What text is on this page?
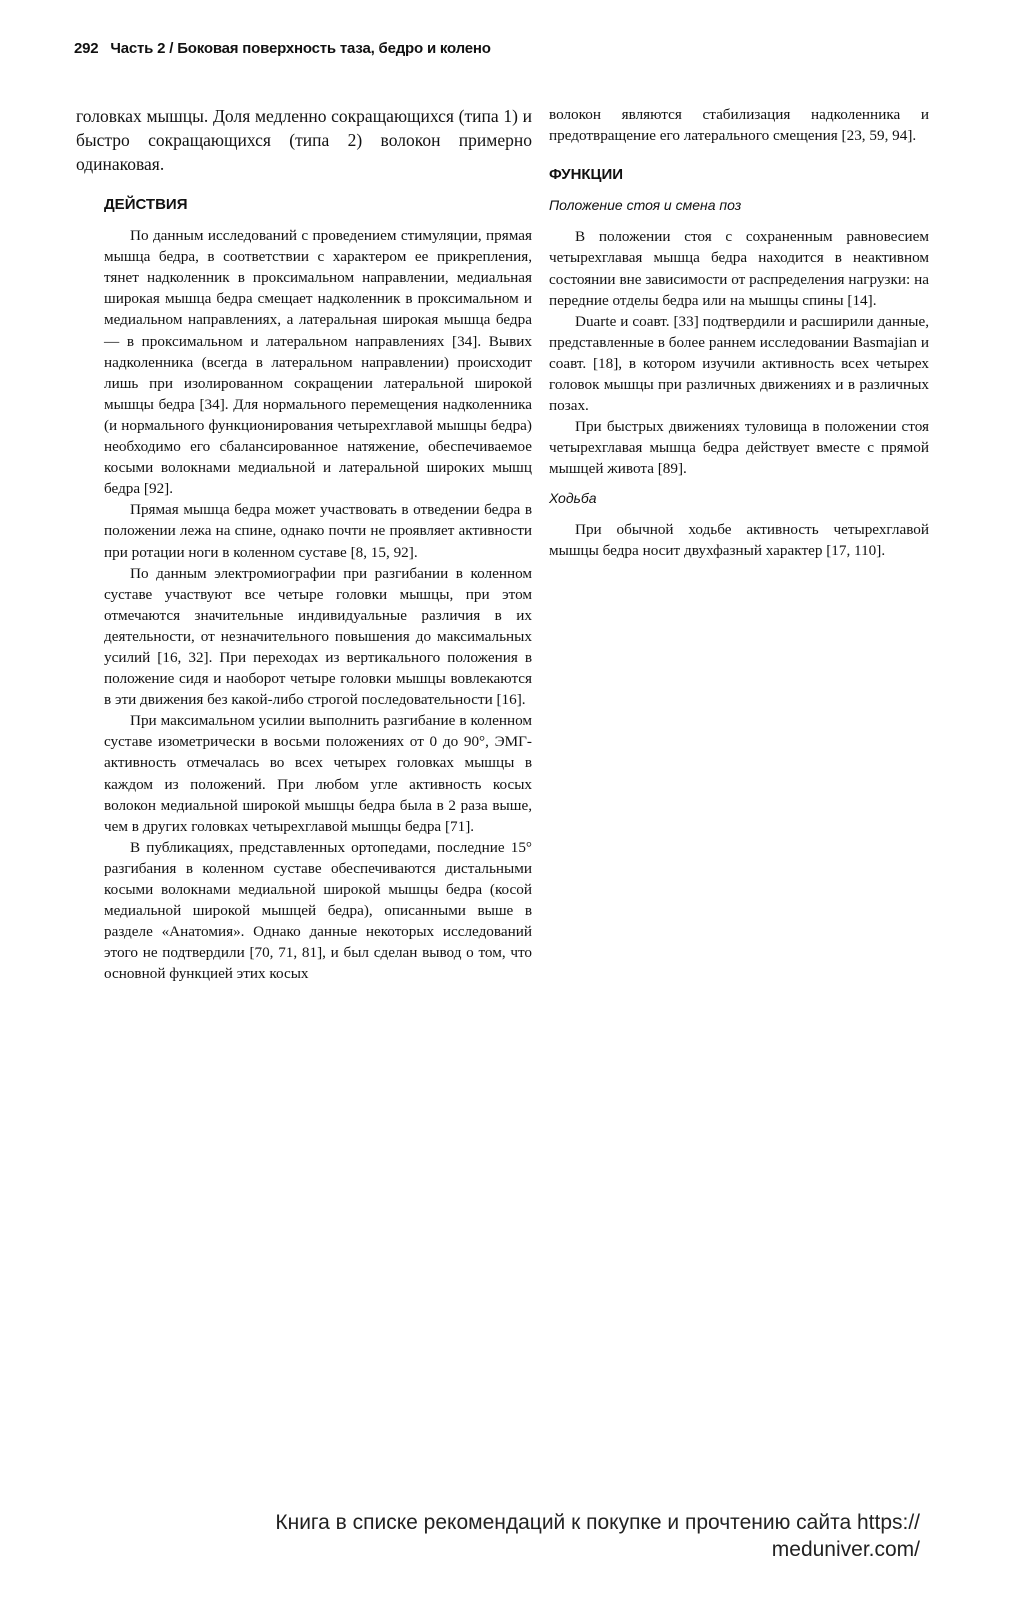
292 Часть 2 / Боковая поверхность таза, бедро и колено

головках мышцы. Доля медленно сокращающихся (типа 1) и быстро сокращающихся (типа 2) волокон примерно одинаковая.

ДЕЙСТВИЯ

По данным исследований с проведением стимуляции, прямая мышца бедра, в соответствии с характером ее прикрепления, тянет надколенник в проксимальном направлении, медиальная широкая мышца бедра смещает надколенник в проксимальном и медиальном направлениях, а латеральная широкая мышца бедра — в проксимальном и латеральном направлениях [34]. Вывих надколенника (всегда в латеральном направлении) происходит лишь при изолированном сокращении латеральной широкой мышцы бедра [34]. Для нормального перемещения надколенника (и нормального функционирования четырехглавой мышцы бедра) необходимо его сбалансированное натяжение, обеспечиваемое косыми волокнами медиальной и латеральной широких мышц бедра [92].

Прямая мышца бедра может участвовать в отведении бедра в положении лежа на спине, однако почти не проявляет активности при ротации ноги в коленном суставе [8, 15, 92].

По данным электромиографии при разгибании в коленном суставе участвуют все четыре головки мышцы, при этом отмечаются значительные индивидуальные различия в их деятельности, от незначительного повышения до максимальных усилий [16, 32]. При переходах из вертикального положения в положение сидя и наоборот четыре головки мышцы вовлекаются в эти движения без какой-либо строгой последовательности [16].

При максимальном усилии выполнить разгибание в коленном суставе изометрически в восьми положениях от 0 до 90°, ЭМГ-активность отмечалась во всех четырех головках мышцы в каждом из положений. При любом угле активность косых волокон медиальной широкой мышцы бедра была в 2 раза выше, чем в других головках четырехглавой мышцы бедра [71].

В публикациях, представленных ортопедами, последние 15° разгибания в коленном суставе обеспечиваются дистальными косыми волокнами медиальной широкой мышцы бедра (косой медиальной широкой мышцей бедра), описанными выше в разделе «Анатомия». Однако данные некоторых исследований этого не подтвердили [70, 71, 81], и был сделан вывод о том, что основной функцией этих косых

волокон являются стабилизация надколенника и предотвращение его латерального смещения [23, 59, 94].

ФУНКЦИИ
Положение стоя и смена поз

В положении стоя с сохраненным равновесием четырехглавая мышца бедра находится в неактивном состоянии вне зависимости от распределения нагрузки: на передние отделы бедра или на мышцы спины [14].

Duarte и соавт. [33] подтвердили и расширили данные, представленные в более раннем исследовании Basmajian и соавт. [18], в котором изучили активность всех четырех головок мышцы при различных движениях и в различных позах.

При быстрых движениях туловища в положении стоя четырехглавая мышца бедра действует вместе с прямой мышцей живота [89].

Ходьба

При обычной ходьбе активность четырехглавой мышцы бедра носит двухфазный характер [17, 110].

Книга в списке рекомендаций к покупке и прочтению сайта https://
meduniver.com/
